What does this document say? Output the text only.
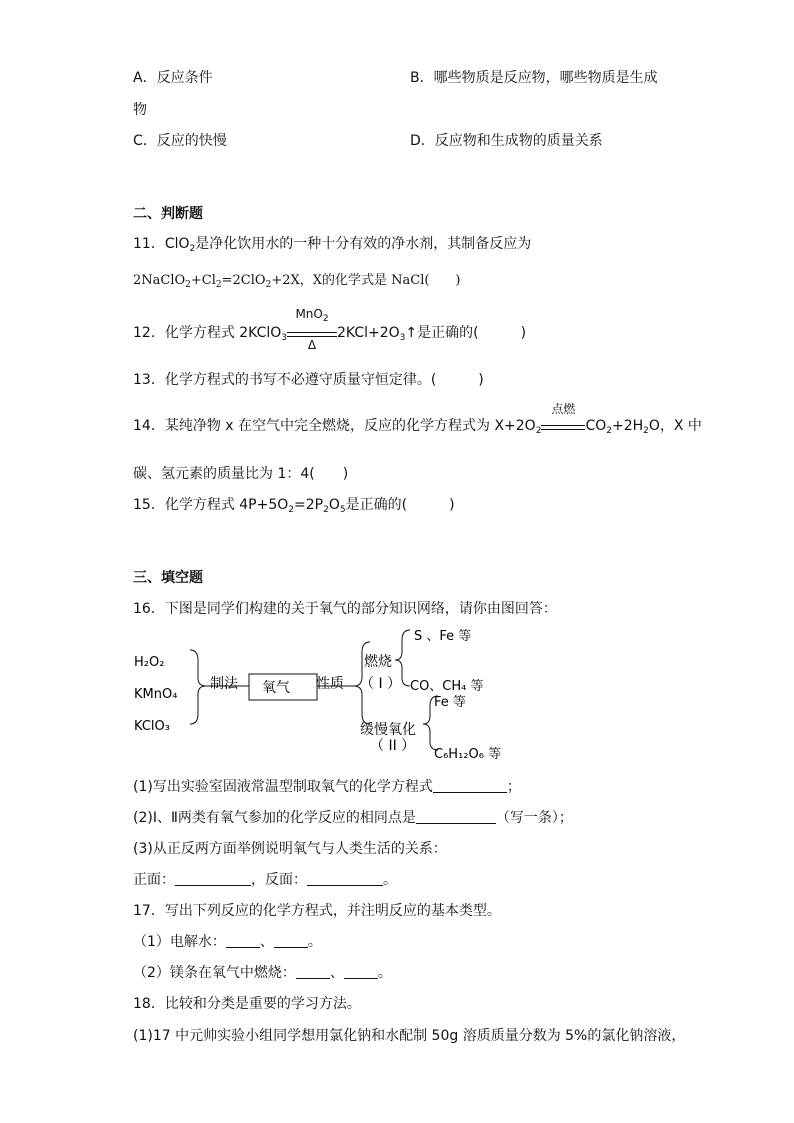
A．反应条件	B．哪些物质是反应物，哪些物质是生成
物
C．反应的快慢	D．反应物和生成物的质量关系
二、判断题
11．ClO$_2$是净化饮用水的一种十分有效的净水剂，其制备反应为
$2NaClO_2+Cl_2=2ClO_2+2X$，X的化学式是 NaCl(　　)
12．化学方程式 2KClO$_3$
MnO$_2$
Δ
$2KCl+2O_3↑$是正确的(　　　)
13．化学方程式的书写不必遵守质量守恒定律。(　　　)
14．某纯净物 x 在空气中完全燃烧，反应的化学方程式为 $X+2O_2$
点燃
$CO_2+2H_2O$，X 中
碳、氢元素的质量比为 1：4(　　)
15．化学方程式 $4P+5O_2=2P_2O_5$是正确的(　　　)
三、填空题
16．下图是同学们构建的关于氧气的部分知识网络，请你由图回答：
H₂O₂
KMnO₄
KClO₃
制法 氧气 性质
燃烧
（ I ）
缓慢氧化
（ II ）
S 、Fe 等
CO、CH₄ 等
Fe 等
C₆H₁₂O₆ 等
(1)写出实验室固液常温型制取氧气的化学方程式	；
(2)Ⅰ、Ⅱ两类有氧气参加的化学反应的相同点是	（写一条）；
(3)从正反两方面举例说明氧气与人类生活的关系：
正面：	，反面：	。
17．写出下列反应的化学方程式，并注明反应的基本类型。
（1）电解水： 、 。
（2）镁条在氧气中燃烧： 、 。
18．比较和分类是重要的学习方法。
(1)17 中元帅实验小组同学想用氯化钠和水配制 50g 溶质质量分数为 5%的氯化钠溶液，
